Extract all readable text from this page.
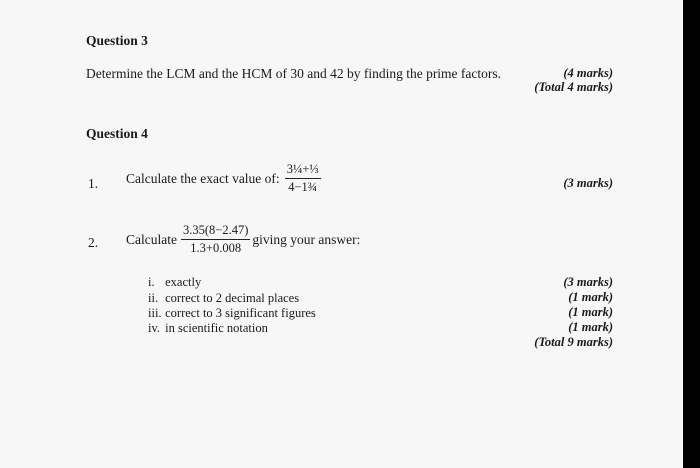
Question 3
Determine the LCM and the HCM of 30 and 42 by finding the prime factors.	(4 marks)
(Total 4 marks)
Question 4
1. Calculate the exact value of: $\frac{\text{3¼+⅓}}{\text{4−1¾}}$	(3 marks)
2. Calculate $\frac{3.35(8-2.47)}{1.3+0.008}$ giving your answer:
i. exactly
ii. correct to 2 decimal places
iii. correct to 3 significant figures
iv. in scientific notation
(3 marks)
(1 mark)
(1 mark)
(1 mark)
(Total 9 marks)
